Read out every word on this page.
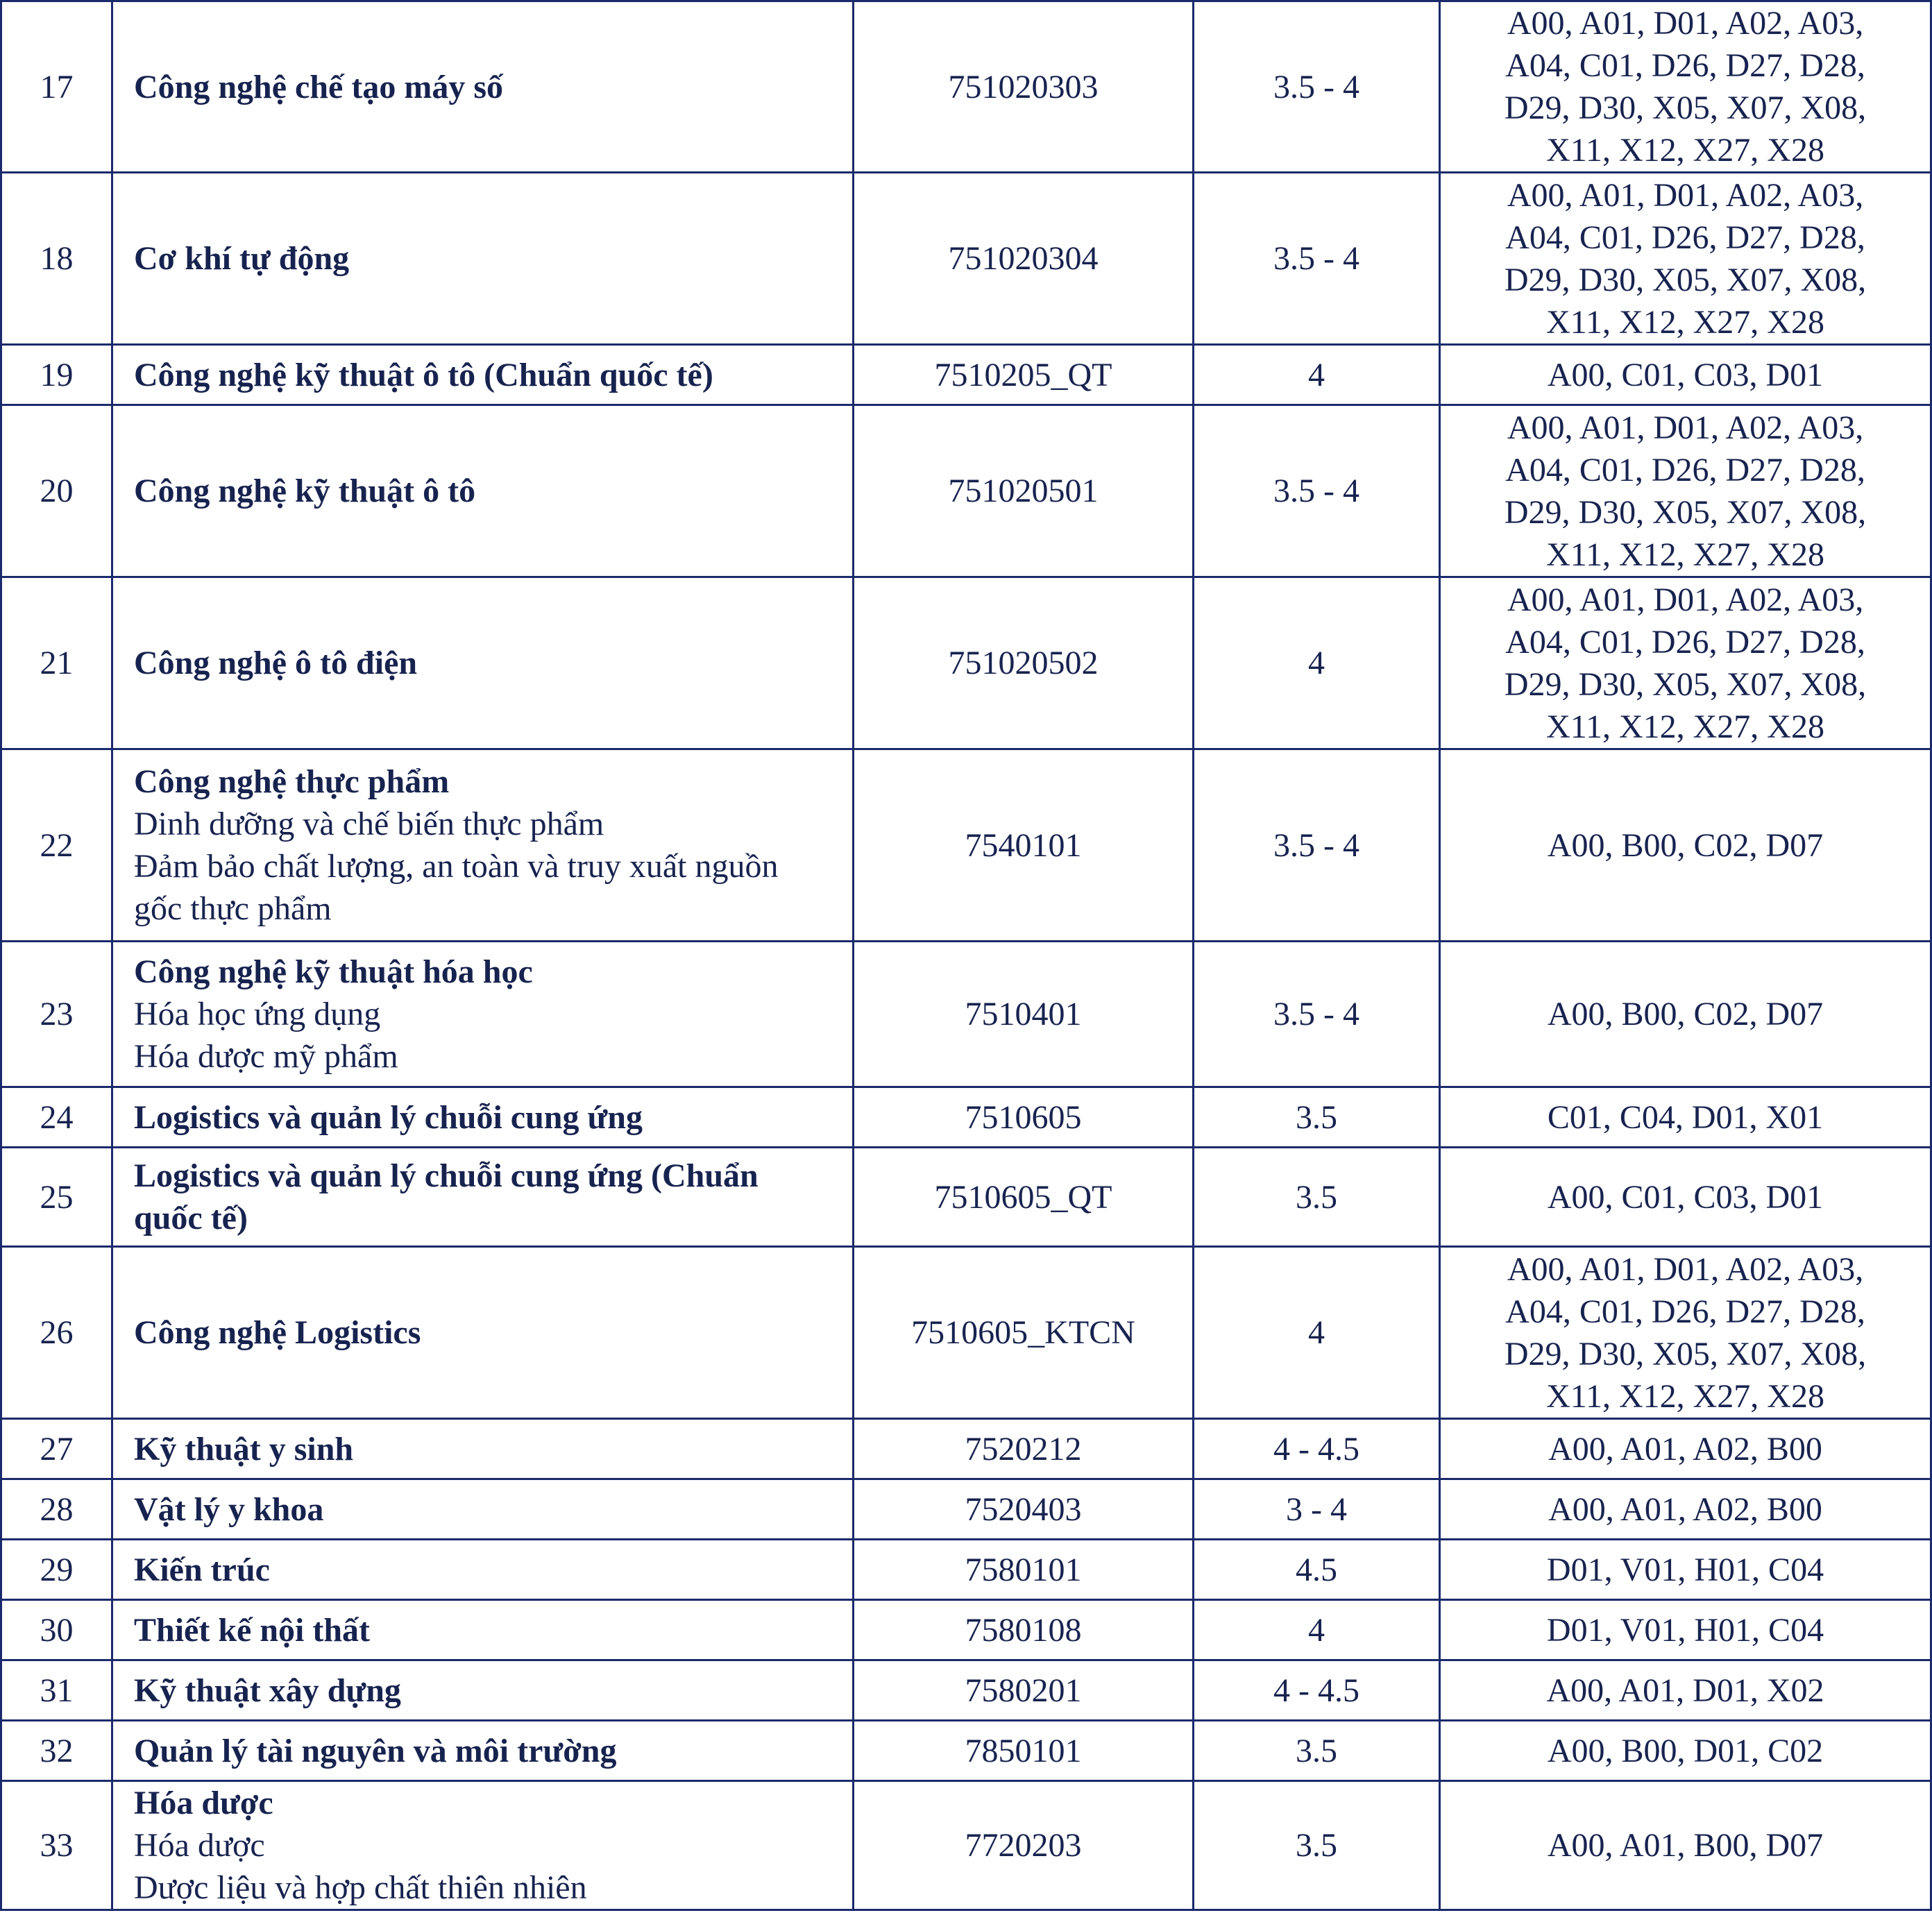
17	Công nghệ chế tạo máy số	751020303	3.5 - 4	A00, A01, D01, A02, A03,
A04, C01, D26, D27, D28,
D29, D30, X05, X07, X08,
X11, X12, X27, X28

18	Cơ khí tự động	751020304	3.5 - 4	A00, A01, D01, A02, A03,
A04, C01, D26, D27, D28,
D29, D30, X05, X07, X08,
X11, X12, X27, X28

19	Công nghệ kỹ thuật ô tô (Chuẩn quốc tế)	7510205_QT	4	A00, C01, C03, D01

20	Công nghệ kỹ thuật ô tô	751020501	3.5 - 4	A00, A01, D01, A02, A03,
A04, C01, D26, D27, D28,
D29, D30, X05, X07, X08,
X11, X12, X27, X28

21	Công nghệ ô tô điện	751020502	4	A00, A01, D01, A02, A03,
A04, C01, D26, D27, D28,
D29, D30, X05, X07, X08,
X11, X12, X27, X28

22	Công nghệ thực phẩm
Dinh dưỡng và chế biến thực phẩm
Đảm bảo chất lượng, an toàn và truy xuất nguồn gốc thực phẩm	7540101	3.5 - 4	A00, B00, C02, D07

23	Công nghệ kỹ thuật hóa học
Hóa học ứng dụng
Hóa dược mỹ phẩm	7510401	3.5 - 4	A00, B00, C02, D07

24	Logistics và quản lý chuỗi cung ứng	7510605	3.5	C01, C04, D01, X01

25	Logistics và quản lý chuỗi cung ứng (Chuẩn quốc tế)	7510605_QT	3.5	A00, C01, C03, D01

26	Công nghệ Logistics	7510605_KTCN	4	A00, A01, D01, A02, A03,
A04, C01, D26, D27, D28,
D29, D30, X05, X07, X08,
X11, X12, X27, X28

27	Kỹ thuật y sinh	7520212	4 - 4.5	A00, A01, A02, B00

28	Vật lý y khoa	7520403	3 - 4	A00, A01, A02, B00

29	Kiến trúc	7580101	4.5	D01, V01, H01, C04

30	Thiết kế nội thất	7580108	4	D01, V01, H01, C04

31	Kỹ thuật xây dựng	7580201	4 - 4.5	A00, A01, D01, X02

32	Quản lý tài nguyên và môi trường	7850101	3.5	A00, B00, D01, C02

33	Hóa dược
Hóa dược
Dược liệu và hợp chất thiên nhiên	7720203	3.5	A00, A01, B00, D07
